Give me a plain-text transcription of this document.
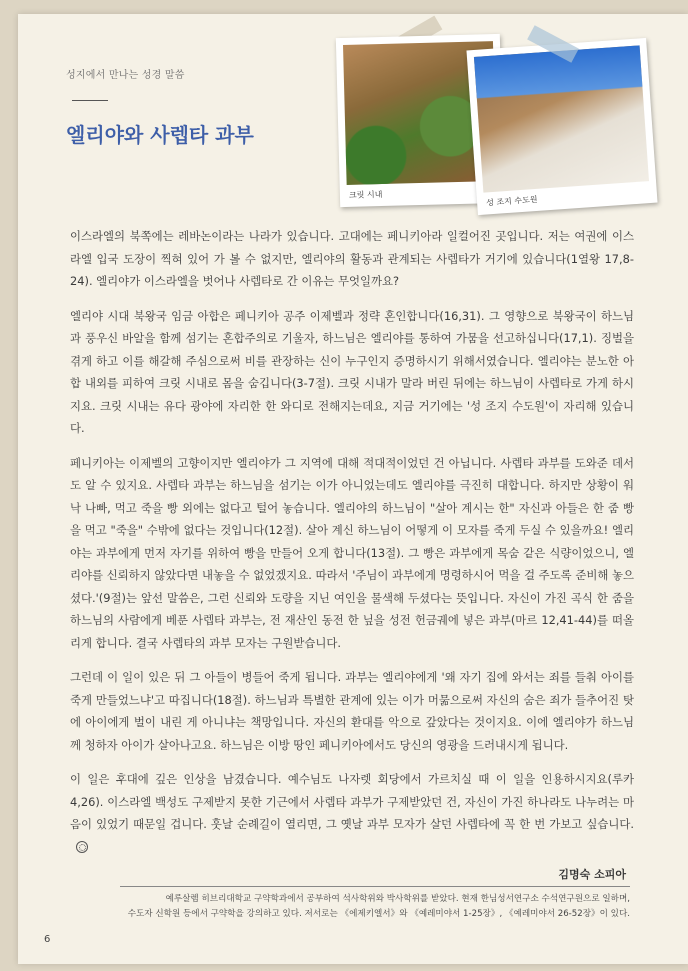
성지에서 만나는 성경 말씀
엘리야와 사렙타 과부
크릿 시내	성 조지 수도원

이스라엘의 북쪽에는 레바논이라는 나라가 있습니다. 고대에는 페니키아라 일컬어진 곳입니다. 저는 여권에 이스라엘 입국 도장이 찍혀 있어 가 볼 수 없지만, 엘리야의 활동과 관계되는 사렙타가 거기에 있습니다(1열왕 17,8-24). 엘리야가 이스라엘을 벗어나 사렙타로 간 이유는 무엇일까요?

엘리야 시대 북왕국 임금 아합은 페니키아 공주 이제벨과 정략 혼인합니다(16,31). 그 영향으로 북왕국이 하느님과 풍우신 바알을 함께 섬기는 혼합주의로 기울자, 하느님은 엘리야를 통하여 가뭄을 선고하십니다(17,1). 징벌을 겪게 하고 이를 해갈해 주심으로써 비를 관장하는 신이 누구인지 증명하시기 위해서였습니다. 엘리야는 분노한 아합 내외를 피하여 크릿 시내로 몸을 숨깁니다(3-7절). 크릿 시내가 말라 버린 뒤에는 하느님이 사렙타로 가게 하시지요. 크릿 시내는 유다 광야에 자리한 한 와디로 전해지는데요, 지금 거기에는 '성 조지 수도원'이 자리해 있습니다.

페니키아는 이제벨의 고향이지만 엘리야가 그 지역에 대해 적대적이었던 건 아닙니다. 사렙타 과부를 도와준 데서도 알 수 있지요. 사렙타 과부는 하느님을 섬기는 이가 아니었는데도 엘리야를 극진히 대합니다. 하지만 상황이 워낙 나빠, 먹고 죽을 빵 외에는 없다고 털어 놓습니다. 엘리야의 하느님이 "살아 계시는 한" 자신과 아들은 한 줌 빵을 먹고 "죽을" 수밖에 없다는 것입니다(12절). 살아 계신 하느님이 어떻게 이 모자를 죽게 두실 수 있을까요! 엘리야는 과부에게 먼저 자기를 위하여 빵을 만들어 오게 합니다(13절). 그 빵은 과부에게 목숨 같은 식량이었으니, 엘리야를 신뢰하지 않았다면 내놓을 수 없었겠지요. 따라서 '주님이 과부에게 명령하시어 먹을 걸 주도록 준비해 놓으셨다.'(9절)는 앞선 말씀은, 그런 신뢰와 도량을 지닌 여인을 물색해 두셨다는 뜻입니다. 자신이 가진 곡식 한 줌을 하느님의 사람에게 베푼 사렙타 과부는, 전 재산인 동전 한 닢을 성전 헌금궤에 넣은 과부(마르 12,41-44)를 떠올리게 합니다. 결국 사렙타의 과부 모자는 구원받습니다.

그런데 이 일이 있은 뒤 그 아들이 병들어 죽게 됩니다. 과부는 엘리야에게 '왜 자기 집에 와서는 죄를 들춰 아이를 죽게 만들었느냐'고 따집니다(18절). 하느님과 특별한 관계에 있는 이가 머묾으로써 자신의 숨은 죄가 들추어진 탓에 아이에게 벌이 내린 게 아니냐는 책망입니다. 자신의 환대를 악으로 갚았다는 것이지요. 이에 엘리야가 하느님께 청하자 아이가 살아나고요. 하느님은 이방 땅인 페니키아에서도 당신의 영광을 드러내시게 됩니다.

이 일은 후대에 깊은 인상을 남겼습니다. 예수님도 나자렛 회당에서 가르치실 때 이 일을 인용하시지요(루카 4,26). 이스라엘 백성도 구제받지 못한 기근에서 사렙타 과부가 구제받았던 건, 자신이 가진 하나라도 나누려는 마음이 있었기 때문일 겁니다. 훗날 순례길이 열리면, 그 옛날 과부 모자가 살던 사렙타에 꼭 한 번 가보고 싶습니다.

김명숙 소피아
예루살렘 히브리대학교 구약학과에서 공부하여 석사학위와 박사학위를 받았다. 현재 한님성서연구소 수석연구원으로 일하며,
수도자 신학원 등에서 구약학을 강의하고 있다. 저서로는 《에제키엘서》와 《예레미야서 1-25장》, 《예레미야서 26-52장》이 있다.
6
